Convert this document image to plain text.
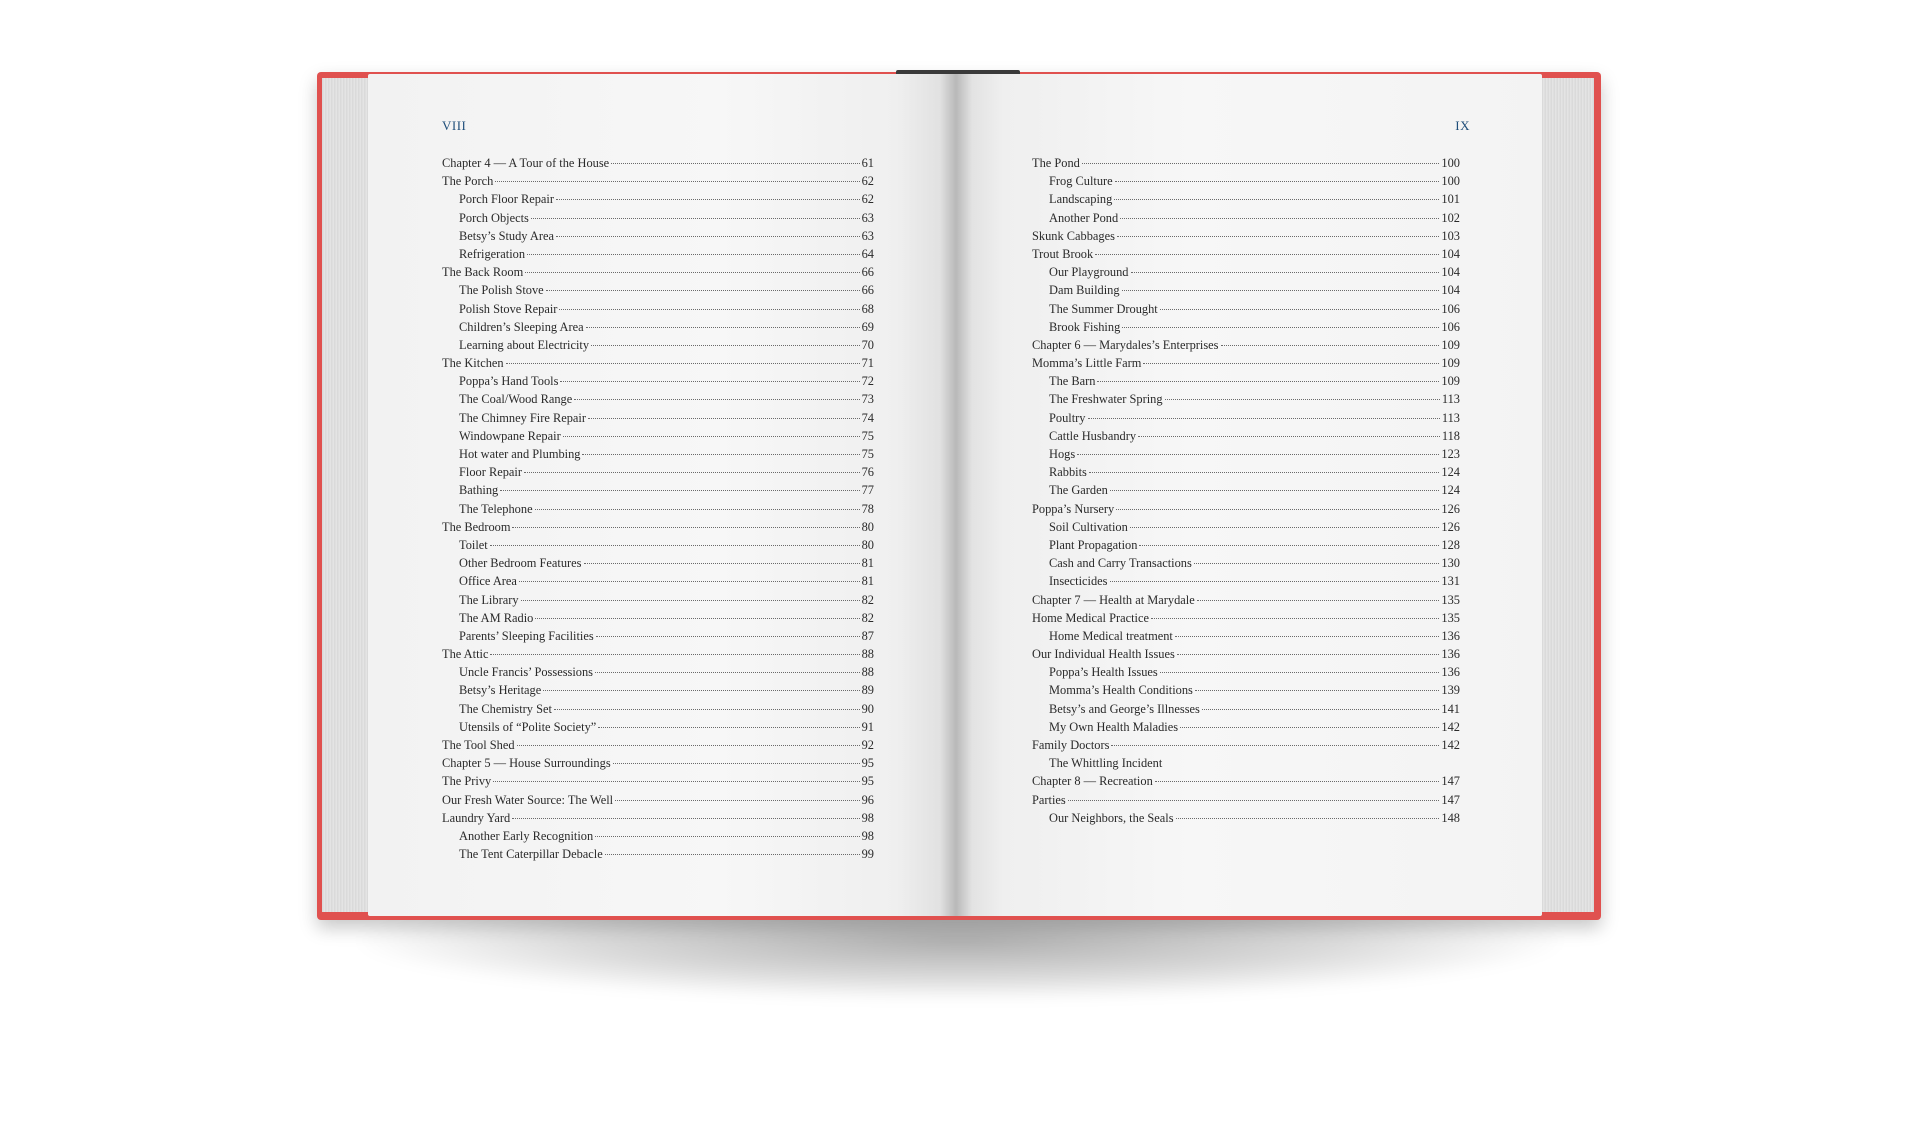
VIII
Chapter 4 — A Tour of the House	61
The Porch	62
Porch Floor Repair	62
Porch Objects	63
Betsy’s Study Area	63
Refrigeration	64
The Back Room	66
The Polish Stove	66
Polish Stove Repair	68
Children’s Sleeping Area	69
Learning about Electricity	70
The Kitchen	71
Poppa’s Hand Tools	72
The Coal/Wood Range	73
The Chimney Fire Repair	74
Windowpane Repair	75
Hot water and Plumbing	75
Floor Repair	76
Bathing	77
The Telephone	78
The Bedroom	80
Toilet	80
Other Bedroom Features	81
Office Area	81
The Library	82
The AM Radio	82
Parents’ Sleeping Facilities	87
The Attic	88
Uncle Francis’ Possessions	88
Betsy’s Heritage	89
The Chemistry Set	90
Utensils of “Polite Society”	91
The Tool Shed	92
Chapter 5 — House Surroundings	95
The Privy	95
Our Fresh Water Source: The Well	96
Laundry Yard	98
Another Early Recognition	98
The Tent Caterpillar Debacle	99
IX
The Pond	100
Frog Culture	100
Landscaping	101
Another Pond	102
Skunk Cabbages	103
Trout Brook	104
Our Playground	104
Dam Building	104
The Summer Drought	106
Brook Fishing	106
Chapter 6 — Marydales’s Enterprises	109
Momma’s Little Farm	109
The Barn	109
The Freshwater Spring	113
Poultry	113
Cattle Husbandry	118
Hogs	123
Rabbits	124
The Garden	124
Poppa’s Nursery	126
Soil Cultivation	126
Plant Propagation	128
Cash and Carry Transactions	130
Insecticides	131
Chapter 7 — Health at Marydale	135
Home Medical Practice	135
Home Medical treatment	136
Our Individual Health Issues	136
Poppa’s Health Issues	136
Momma’s Health Conditions	139
Betsy’s and George’s Illnesses	141
My Own Health Maladies	142
Family Doctors	142
The Whittling Incident
Chapter 8 — Recreation	147
Parties	147
Our Neighbors, the Seals	148
